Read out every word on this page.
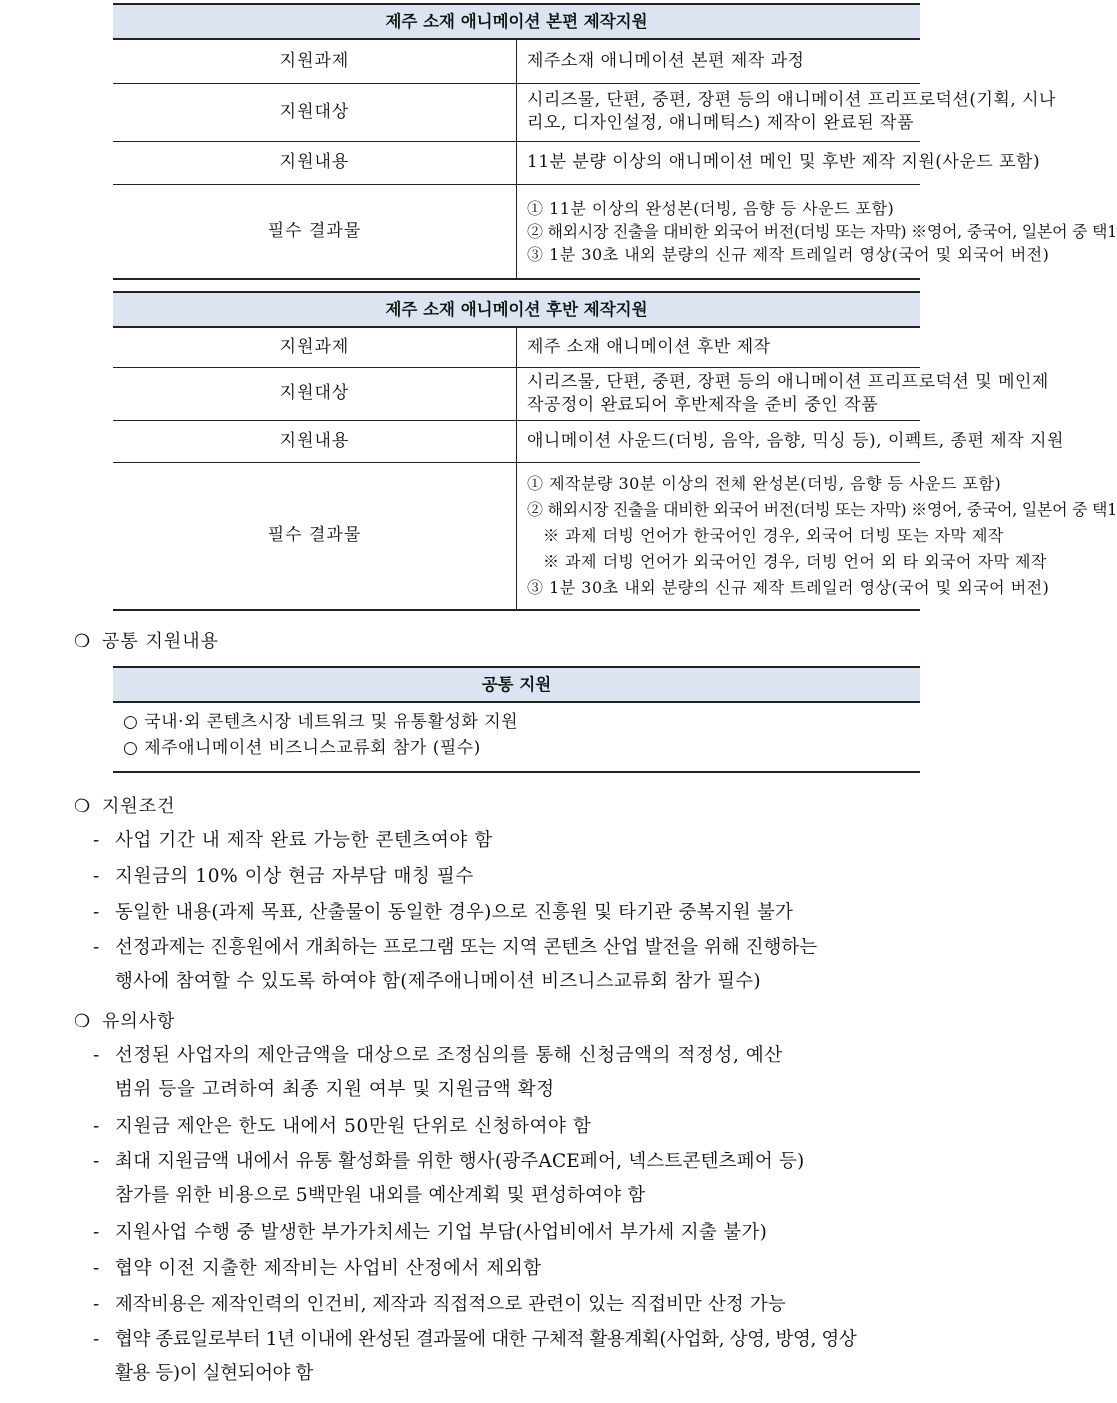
제주 소재 애니메이션 본편 제작지원	
지원과제	제주소재 애니메이션 본편 제작 과정

지원대상	시리즈물, 단편, 중편, 장편 등의 애니메이션 프리프로덕션(기획, 시나
리오, 디자인설정, 애니메틱스) 제작이 완료된 작품

지원내용	11분 분량 이상의 애니메이션 메인 및 후반 제작 지원(사운드 포함)

필수 결과물	① 11분 이상의 완성본(더빙, 음향 등 사운드 포함)
② 해외시장 진출을 대비한 외국어 버전(더빙 또는 자막) ※영어, 중국어, 일본어 중 택1
③ 1분 30초 내외 분량의 신규 제작 트레일러 영상(국어 및 외국어 버전)
제주 소재 애니메이션 후반 제작지원	
지원과제	제주 소재 애니메이션 후반 제작

지원대상	시리즈물, 단편, 중편, 장편 등의 애니메이션 프리프로덕션 및 메인제
작공정이 완료되어 후반제작을 준비 중인 작품

지원내용	애니메이션 사운드(더빙, 음악, 음향, 믹싱 등), 이펙트, 종편 제작 지원

필수 결과물	① 제작분량 30분 이상의 전체 완성본(더빙, 음향 등 사운드 포함)
② 해외시장 진출을 대비한 외국어 버전(더빙 또는 자막) ※영어, 중국어, 일본어 중 택1
※ 과제 더빙 언어가 한국어인 경우, 외국어 더빙 또는 자막 제작
※ 과제 더빙 언어가 외국어인 경우, 더빙 언어 외 타 외국어 자막 제작
③ 1분 30초 내외 분량의 신규 제작 트레일러 영상(국어 및 외국어 버전)
❍ 공통 지원내용
공통 지원

○ 국내·외 콘텐츠시장 네트워크 및 유통활성화 지원
○ 제주애니메이션 비즈니스교류회 참가 (필수)
❍ 지원조건
- 사업 기간 내 제작 완료 가능한 콘텐츠여야 함
- 지원금의 10% 이상 현금 자부담 매칭 필수
- 동일한 내용(과제 목표, 산출물이 동일한 경우)으로 진흥원 및 타기관 중복지원 불가
- 선정과제는 진흥원에서 개최하는 프로그램 또는 지역 콘텐츠 산업 발전을 위해 진행하는
행사에 참여할 수 있도록 하여야 함(제주애니메이션 비즈니스교류회 참가 필수)
❍ 유의사항
- 선정된 사업자의 제안금액을 대상으로 조정심의를 통해 신청금액의 적정성, 예산
범위 등을 고려하여 최종 지원 여부 및 지원금액 확정
- 지원금 제안은 한도 내에서 50만원 단위로 신청하여야 함
- 최대 지원금액 내에서 유통 활성화를 위한 행사(광주ACE페어, 넥스트콘텐츠페어 등)
참가를 위한 비용으로 5백만원 내외를 예산계획 및 편성하여야 함
- 지원사업 수행 중 발생한 부가가치세는 기업 부담(사업비에서 부가세 지출 불가)
- 협약 이전 지출한 제작비는 사업비 산정에서 제외함
- 제작비용은 제작인력의 인건비, 제작과 직접적으로 관련이 있는 직접비만 산정 가능
- 협약 종료일로부터 1년 이내에 완성된 결과물에 대한 구체적 활용계획(사업화, 상영, 방영, 영상
활용 등)이 실현되어야 함
